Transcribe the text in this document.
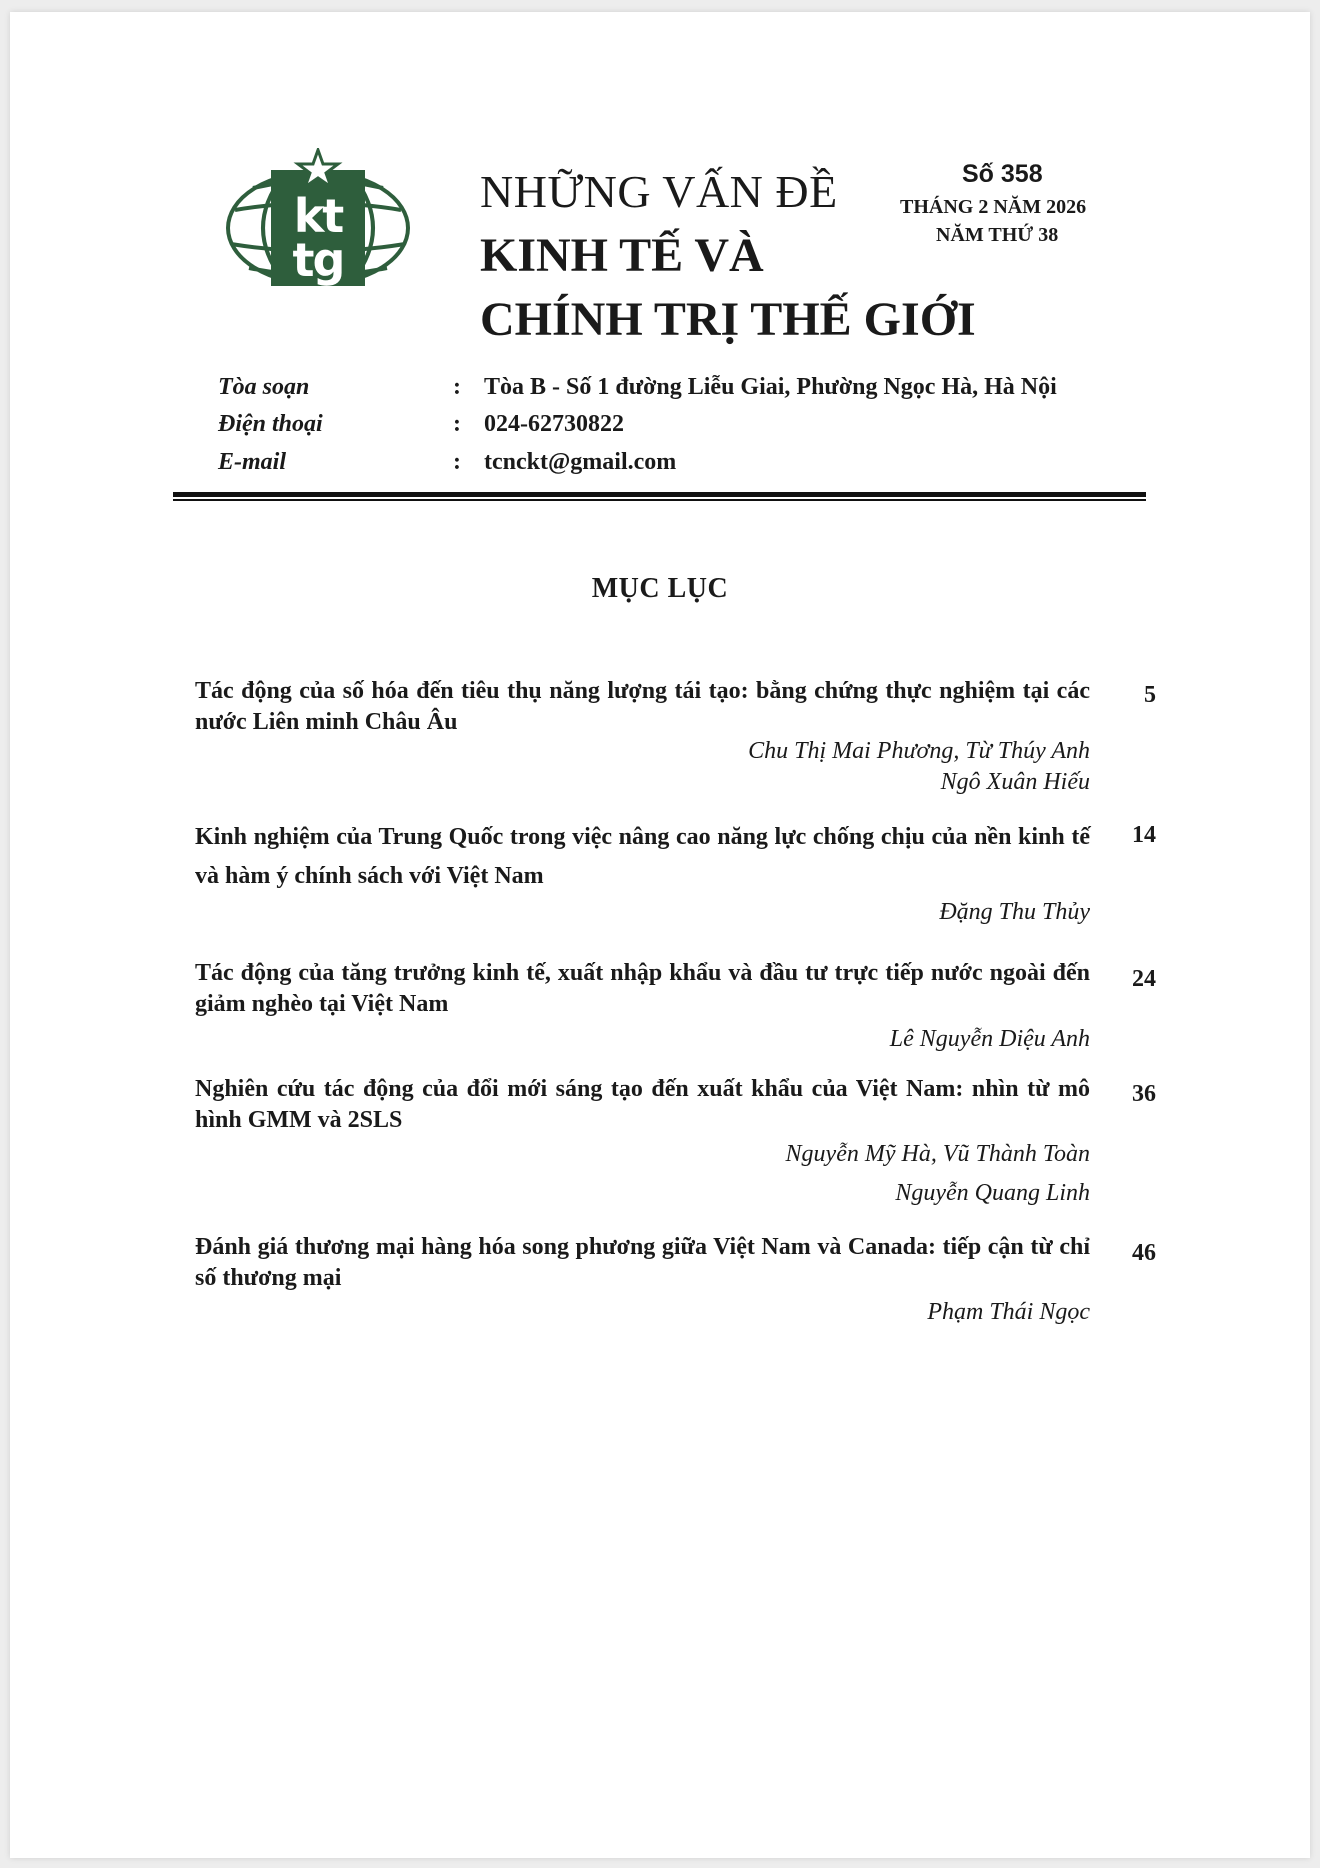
kt
tg
NHỮNG VẤN ĐỀ
KINH TẾ VÀ
CHÍNH TRỊ THẾ GIỚI
Số 358
THÁNG 2 NĂM 2026
NĂM THỨ 38
Tòa soạn	: Tòa B - Số 1 đường Liễu Giai, Phường Ngọc Hà, Hà Nội
Điện thoại	: 024-62730822
E-mail	: tcnckt@gmail.com
MỤC LỤC
Tác động của số hóa đến tiêu thụ năng lượng tái tạo: bằng chứng thực nghiệm tại các nước Liên minh Châu Âu
5
Chu Thị Mai Phương, Từ Thúy Anh
Ngô Xuân Hiếu
Kinh nghiệm của Trung Quốc trong việc nâng cao năng lực chống chịu của nền kinh tế và hàm ý chính sách với Việt Nam
14
Đặng Thu Thủy
Tác động của tăng trưởng kinh tế, xuất nhập khẩu và đầu tư trực tiếp nước ngoài đến giảm nghèo tại Việt Nam
24
Lê Nguyễn Diệu Anh
Nghiên cứu tác động của đổi mới sáng tạo đến xuất khẩu của Việt Nam: nhìn từ mô hình GMM và 2SLS
36
Nguyễn Mỹ Hà, Vũ Thành Toàn
Nguyễn Quang Linh
Đánh giá thương mại hàng hóa song phương giữa Việt Nam và Canada: tiếp cận từ chỉ số thương mại
46
Phạm Thái Ngọc
